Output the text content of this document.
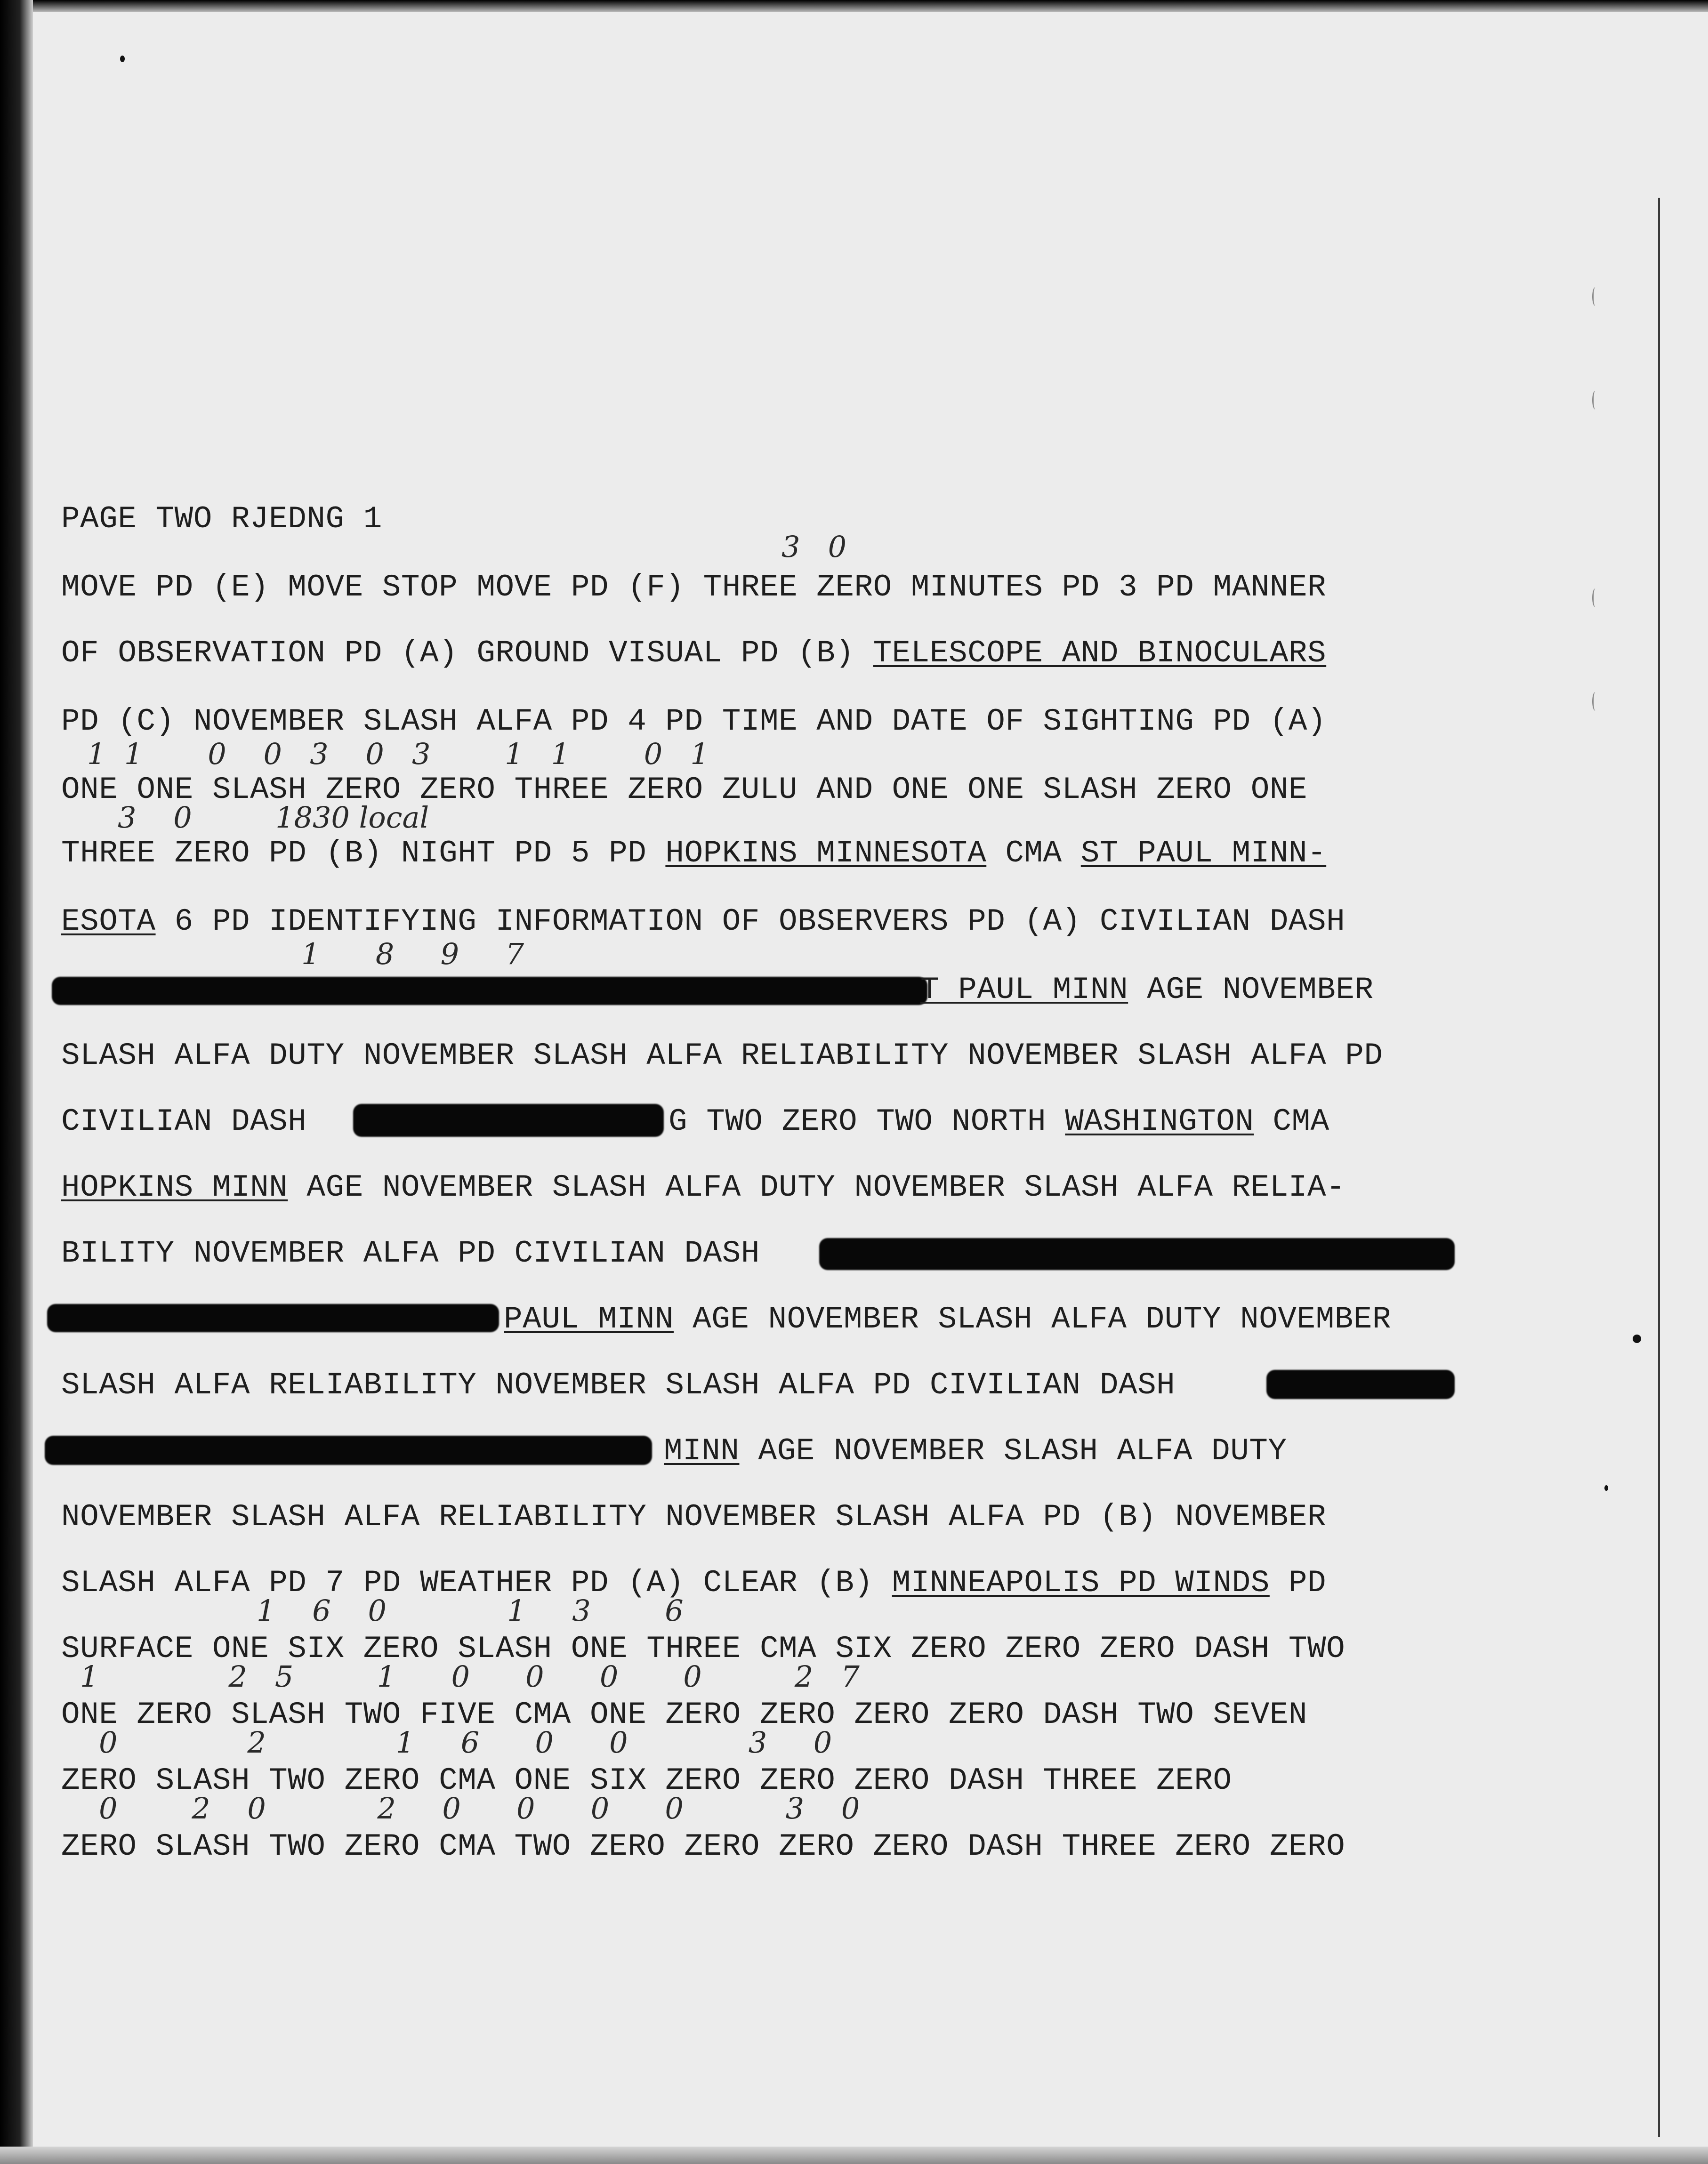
PAGE TWO RJEDNG 1
3   0
MOVE PD (E) MOVE STOP MOVE PD (F) THREE ZERO MINUTES PD 3 PD MANNER
OF OBSERVATION PD (A) GROUND VISUAL PD (B) TELESCOPE AND BINOCULARS
PD (C) NOVEMBER SLASH ALFA PD 4 PD TIME AND DATE OF SIGHTING PD (A)
1  1       0    0   3    0   3        1   1        0   1
ONE ONE SLASH ZERO ZERO THREE ZERO ZULU AND ONE ONE SLASH ZERO ONE
3    0         1830 local
THREE ZERO PD (B) NIGHT PD 5 PD HOPKINS MINNESOTA CMA ST PAUL MINN-
ESOTA 6 PD IDENTIFYING INFORMATION OF OBSERVERS PD (A) CIVILIAN DASH
1      8     9     7
T PAUL MINN AGE NOVEMBER
SLASH ALFA DUTY NOVEMBER SLASH ALFA RELIABILITY NOVEMBER SLASH ALFA PD
CIVILIAN DASH	G TWO ZERO TWO NORTH WASHINGTON CMA
HOPKINS MINN AGE NOVEMBER SLASH ALFA DUTY NOVEMBER SLASH ALFA RELIA-
BILITY NOVEMBER ALFA PD CIVILIAN DASH
PAUL MINN AGE NOVEMBER SLASH ALFA DUTY NOVEMBER
SLASH ALFA RELIABILITY NOVEMBER SLASH ALFA PD CIVILIAN DASH
MINN AGE NOVEMBER SLASH ALFA DUTY
NOVEMBER SLASH ALFA RELIABILITY NOVEMBER SLASH ALFA PD (B) NOVEMBER
SLASH ALFA PD 7 PD WEATHER PD (A) CLEAR (B) MINNEAPOLIS PD WINDS PD
1    6    0             1     3        6
SURFACE ONE SIX ZERO SLASH ONE THREE CMA SIX ZERO ZERO ZERO DASH TWO
1              2   5         1      0      0      0       0          2   7
ONE ZERO SLASH TWO FIVE CMA ONE ZERO ZERO ZERO ZERO DASH TWO SEVEN
0              2              1     6      0      0             3     0
ZERO SLASH TWO ZERO CMA ONE SIX ZERO ZERO ZERO DASH THREE ZERO
0        2    0            2     0      0      0      0           3    0
ZERO SLASH TWO ZERO CMA TWO ZERO ZERO ZERO ZERO DASH THREE ZERO ZERO
